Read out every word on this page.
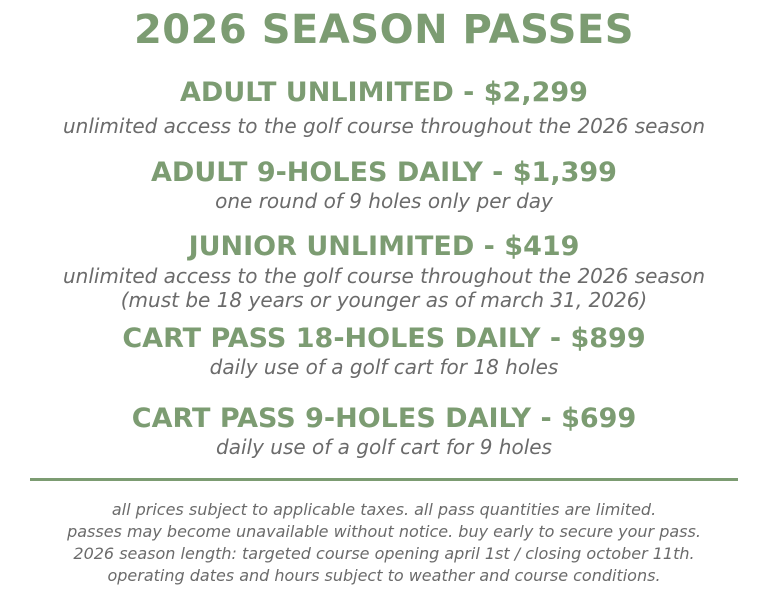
2026 SEASON PASSES
ADULT UNLIMITED - $2,299
unlimited access to the golf course throughout the 2026 season
ADULT 9-HOLES DAILY - $1,399
one round of 9 holes only per day
JUNIOR UNLIMITED - $419
unlimited access to the golf course throughout the 2026 season
(must be 18 years or younger as of march 31, 2026)
CART PASS 18-HOLES DAILY - $899
daily use of a golf cart for 18 holes
CART PASS 9-HOLES DAILY - $699
daily use of a golf cart for 9 holes
all prices subject to applicable taxes. all pass quantities are limited.
passes may become unavailable without notice. buy early to secure your pass.
2026 season length: targeted course opening april 1st / closing october 11th.
operating dates and hours subject to weather and course conditions.
